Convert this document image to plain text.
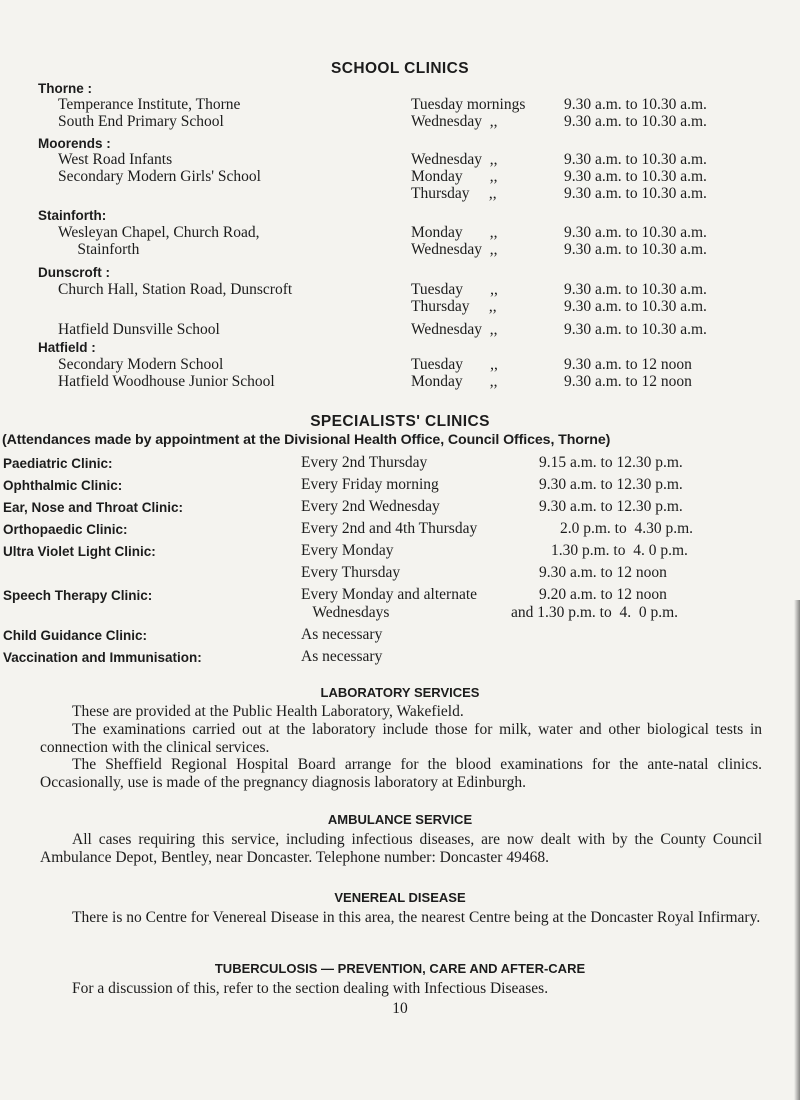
SCHOOL CLINICS
Thorne :
Temperance Institute, Thorne	Tuesday mornings 9.30 a.m. to 10.30 a.m.
South End Primary School	Wednesday  ,,	9.30 a.m. to 10.30 a.m.
Moorends :
West Road Infants	Wednesday  ,,	9.30 a.m. to 10.30 a.m.
Secondary Modern Girls' School	Monday       ,,	9.30 a.m. to 10.30 a.m.
Thursday     ,,	9.30 a.m. to 10.30 a.m.
Stainforth:
Wesleyan Chapel, Church Road,	Monday       ,,	9.30 a.m. to 10.30 a.m.
Stainforth	Wednesday  ,,	9.30 a.m. to 10.30 a.m.
Dunscroft :
Church Hall, Station Road, Dunscroft	Tuesday       ,,	9.30 a.m. to 10.30 a.m.
Thursday     ,,	9.30 a.m. to 10.30 a.m.
Hatfield Dunsville School	Wednesday  ,,	9.30 a.m. to 10.30 a.m.
Hatfield :
Secondary Modern School	Tuesday       ,,	9.30 a.m. to 12 noon
Hatfield Woodhouse Junior School	Monday       ,,	9.30 a.m. to 12 noon
SPECIALISTS' CLINICS
(Attendances made by appointment at the Divisional Health Office, Council Offices, Thorne)
Paediatric Clinic:	Every 2nd Thursday	9.15 a.m. to 12.30 p.m.
Ophthalmic Clinic:	Every Friday morning	9.30 a.m. to 12.30 p.m.
Ear, Nose and Throat Clinic:	Every 2nd Wednesday	9.30 a.m. to 12.30 p.m.
Orthopaedic Clinic:	Every 2nd and 4th Thursday	2.0 p.m. to  4.30 p.m.
Ultra Violet Light Clinic:	Every Monday	1.30 p.m. to  4. 0 p.m.
Every Thursday	9.30 a.m. to 12 noon
Speech Therapy Clinic:	Every Monday and alternate	9.20 a.m. to 12 noon
Wednesdays	and 1.30 p.m. to  4.  0 p.m.
Child Guidance Clinic:	As necessary
Vaccination and Immunisation:	As necessary
LABORATORY SERVICES

These are provided at the Public Health Laboratory, Wakefield.

The examinations carried out at the laboratory include those for milk, water and other biological tests in connection with the clinical services.

The Sheffield Regional Hospital Board arrange for the blood examinations for the ante-natal clinics. Occasionally, use is made of the pregnancy diagnosis laboratory at Edinburgh.

AMBULANCE SERVICE

All cases requiring this service, including infectious diseases, are now dealt with by the County Council Ambulance Depot, Bentley, near Doncaster. Telephone number: Doncaster 49468.

VENEREAL DISEASE

There is no Centre for Venereal Disease in this area, the nearest Centre being at the Doncaster Royal Infirmary.

TUBERCULOSIS — PREVENTION, CARE AND AFTER-CARE

For a discussion of this, refer to the section dealing with Infectious Diseases.

10
